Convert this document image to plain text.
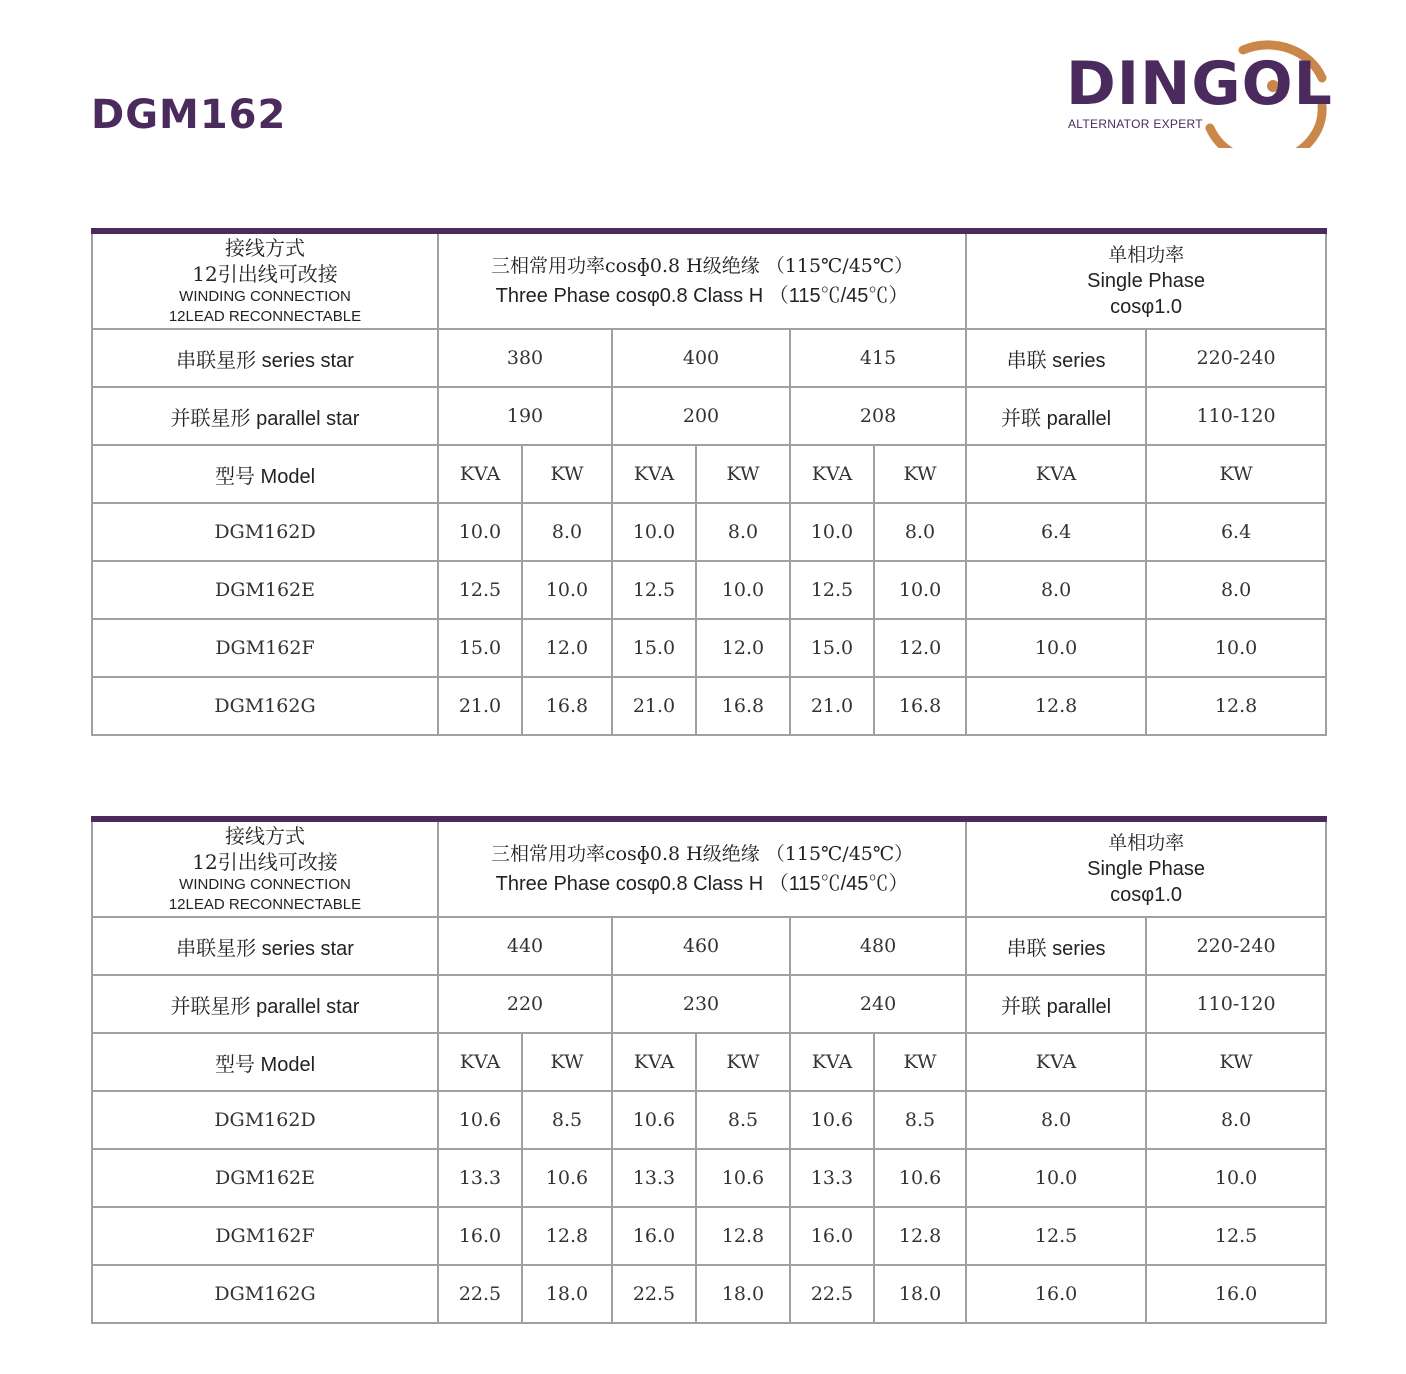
DGM162	DINGOL
ALTERNATOR EXPERT
接线方式
12引出线可改接
WINDING CONNECTION
12LEAD RECONNECTABLE	三相常用功率cosɸ0.8 H级绝缘 （115℃/45℃）
Three Phase cosφ0.8 Class H （115℃/45℃）						单相功率
Single Phase
cosφ1.0	

串联星形 series star	380		400		415		串联 series	220-240
并联星形 parallel star	190		200		208		并联 parallel	110-120
型号 Model	KVA	KW	KVA	KW	KVA	KW	KVA	KW
DGM162D	10.0	8.0	10.0	8.0	10.0	8.0	6.4	6.4
DGM162E	12.5	10.0	12.5	10.0	12.5	10.0	8.0	8.0
DGM162F	15.0	12.0	15.0	12.0	15.0	12.0	10.0	10.0
DGM162G	21.0	16.8	21.0	16.8	21.0	16.8	12.8	12.8
接线方式
12引出线可改接
WINDING CONNECTION
12LEAD RECONNECTABLE	三相常用功率cosɸ0.8 H级绝缘 （115℃/45℃）
Three Phase cosφ0.8 Class H （115℃/45℃）						单相功率
Single Phase
cosφ1.0	

串联星形 series star	440		460		480		串联 series	220-240
并联星形 parallel star	220		230		240		并联 parallel	110-120
型号 Model	KVA	KW	KVA	KW	KVA	KW	KVA	KW
DGM162D	10.6	8.5	10.6	8.5	10.6	8.5	8.0	8.0
DGM162E	13.3	10.6	13.3	10.6	13.3	10.6	10.0	10.0
DGM162F	16.0	12.8	16.0	12.8	16.0	12.8	12.5	12.5
DGM162G	22.5	18.0	22.5	18.0	22.5	18.0	16.0	16.0
